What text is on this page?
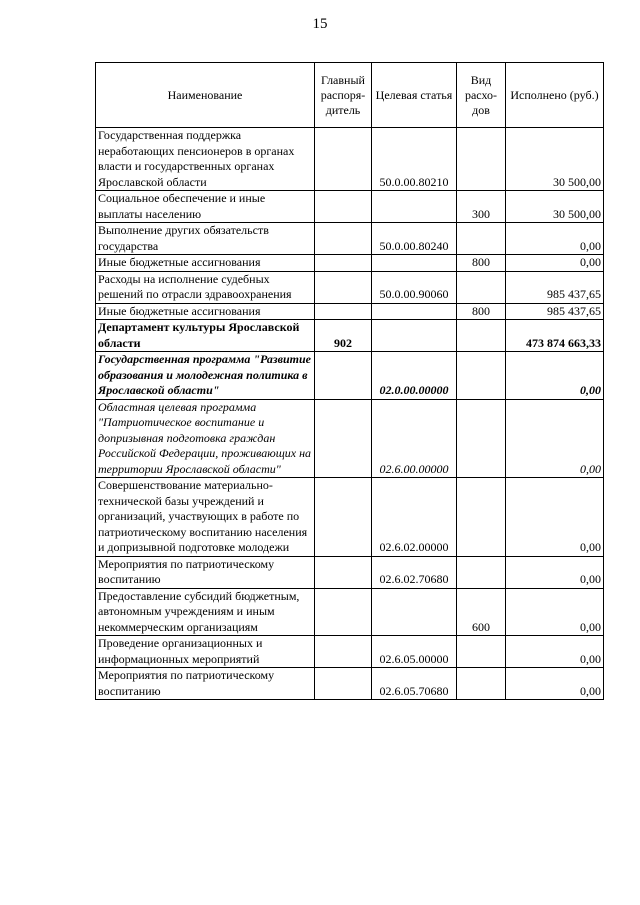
15
Наименование	Главный распоря-дитель	Целевая статья	Вид расхо-дов	Исполнено (руб.)
Государственная поддержка неработающих пенсионеров в органах власти и государственных органах Ярославской области		50.0.00.80210		30 500,00
Социальное обеспечение и иные выплаты населению			300	30 500,00
Выполнение других обязательств государства		50.0.00.80240		0,00
Иные бюджетные ассигнования			800	0,00
Расходы на исполнение судебных решений по отрасли здравоохранения		50.0.00.90060		985 437,65
Иные бюджетные ассигнования			800	985 437,65
Департамент культуры Ярославской области	902			473 874 663,33
Государственная программа "Развитие образования и молодежная политика в Ярославской области"		02.0.00.00000		0,00
Областная целевая программа "Патриотическое воспитание и допризывная подготовка граждан Российской Федерации, проживающих на территории Ярославской области"		02.6.00.00000		0,00
Совершенствование материально-технической базы учреждений и организаций, участвующих в работе по патриотическому воспитанию населения и допризывной подготовке молодежи		02.6.02.00000		0,00
Мероприятия по патриотическому воспитанию		02.6.02.70680		0,00
Предоставление субсидий бюджетным, автономным учреждениям и иным некоммерческим организациям			600	0,00
Проведение организационных и информационных мероприятий		02.6.05.00000		0,00
Мероприятия по патриотическому воспитанию		02.6.05.70680		0,00
